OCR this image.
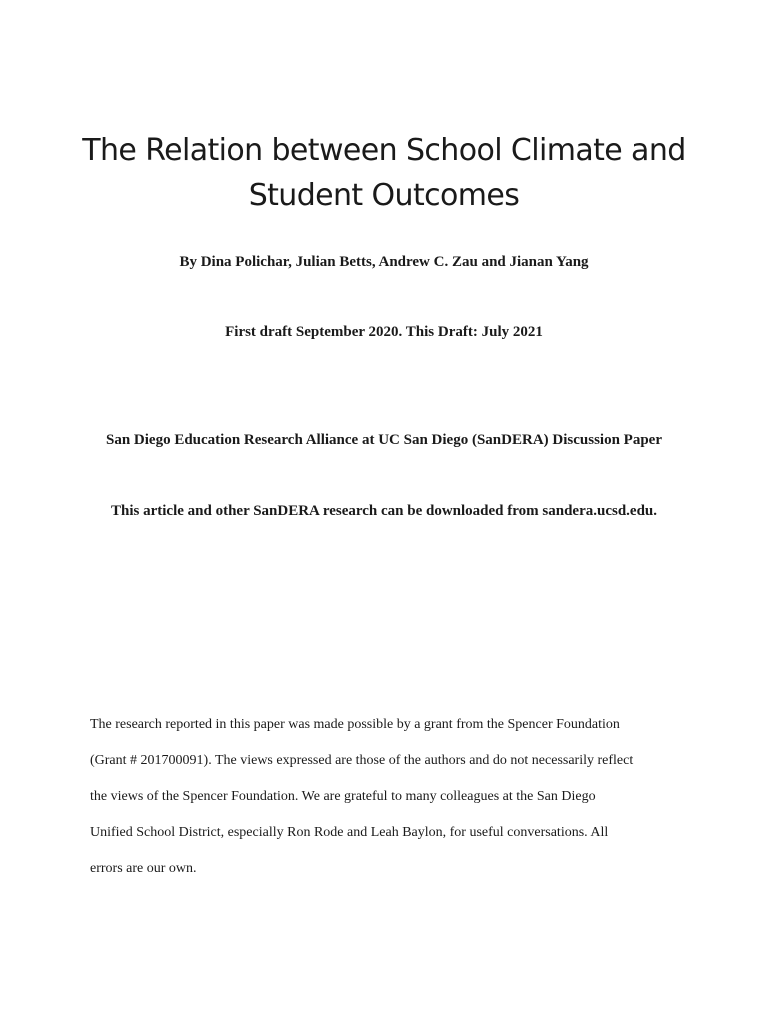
The Relation between School Climate and
Student Outcomes

By Dina Polichar, Julian Betts, Andrew C. Zau and Jianan Yang

First draft September 2020. This Draft: July 2021

San Diego Education Research Alliance at UC San Diego (SanDERA) Discussion Paper

This article and other SanDERA research can be downloaded from sandera.ucsd.edu.

The research reported in this paper was made possible by a grant from the Spencer Foundation
(Grant # 201700091). The views expressed are those of the authors and do not necessarily reflect
the views of the Spencer Foundation. We are grateful to many colleagues at the San Diego
Unified School District, especially Ron Rode and Leah Baylon, for useful conversations. All
errors are our own.
